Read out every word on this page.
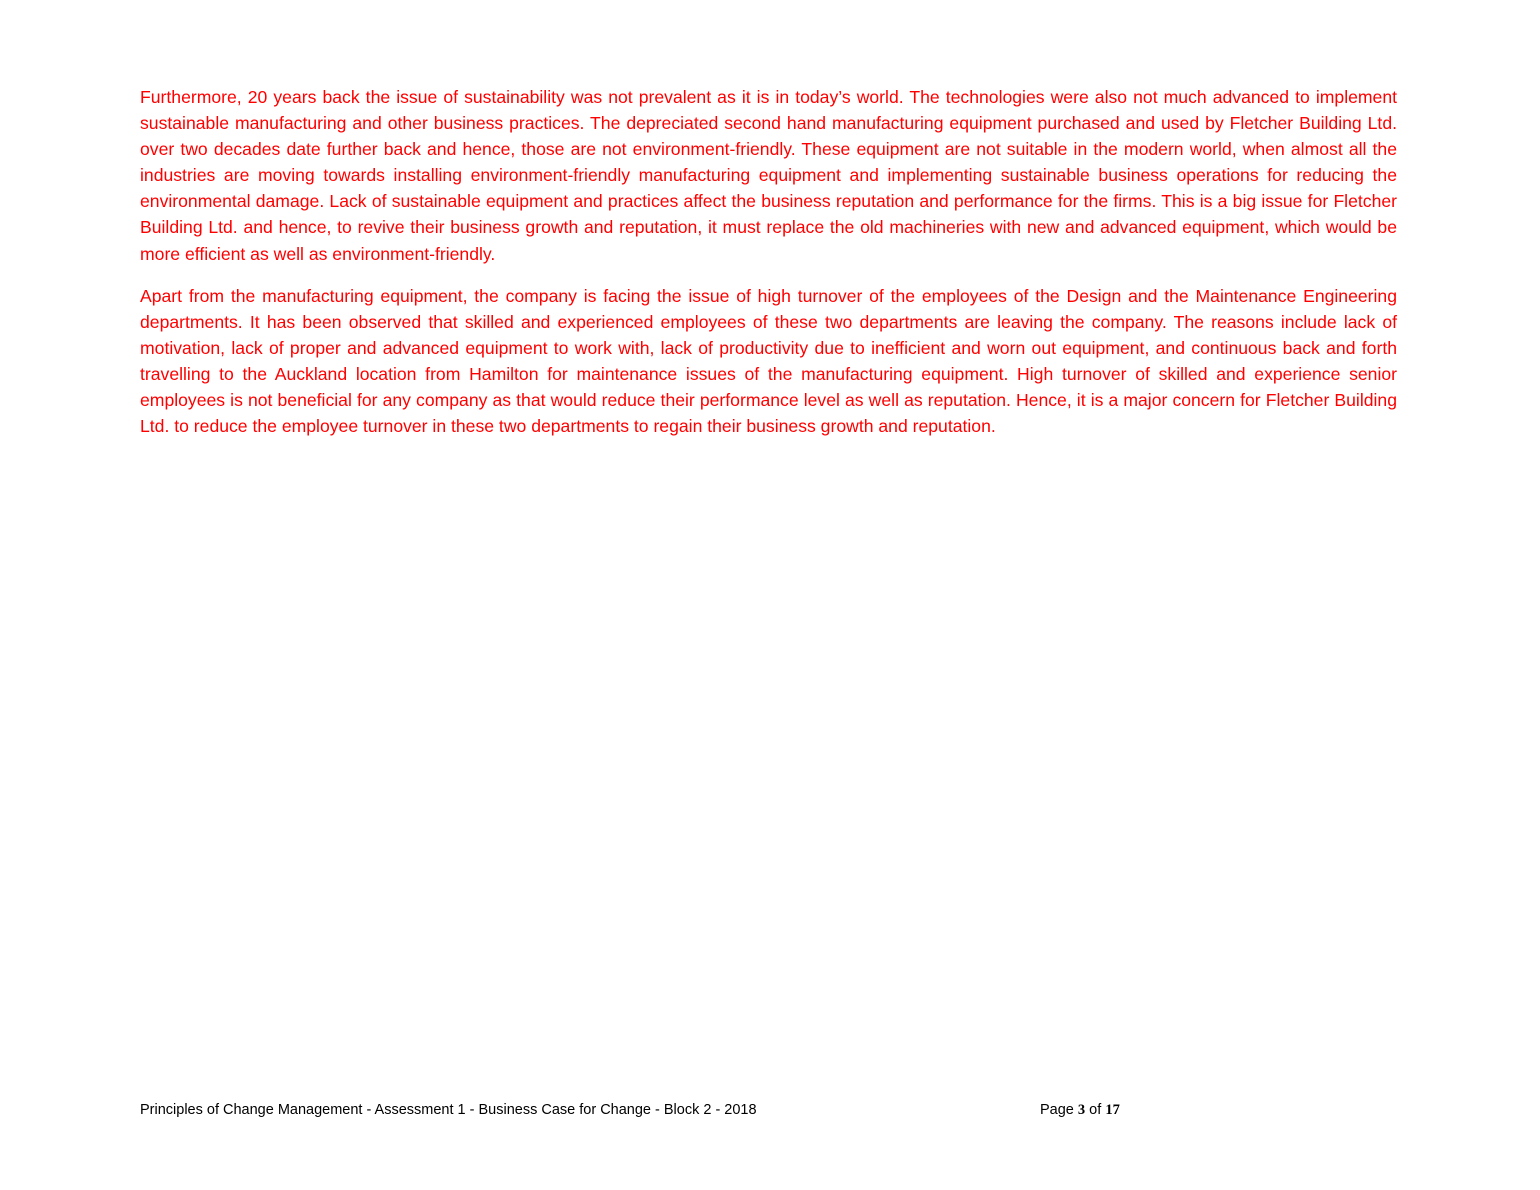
Furthermore, 20 years back the issue of sustainability was not prevalent as it is in today’s world. The technologies were also not much advanced to implement sustainable manufacturing and other business practices. The depreciated second hand manufacturing equipment purchased and used by Fletcher Building Ltd. over two decades date further back and hence, those are not environment-friendly. These equipment are not suitable in the modern world, when almost all the industries are moving towards installing environment-friendly manufacturing equipment and implementing sustainable business operations for reducing the environmental damage. Lack of sustainable equipment and practices affect the business reputation and performance for the firms. This is a big issue for Fletcher Building Ltd. and hence, to revive their business growth and reputation, it must replace the old machineries with new and advanced equipment, which would be more efficient as well as environment-friendly.

Apart from the manufacturing equipment, the company is facing the issue of high turnover of the employees of the Design and the Maintenance Engineering departments. It has been observed that skilled and experienced employees of these two departments are leaving the company. The reasons include lack of motivation, lack of proper and advanced equipment to work with, lack of productivity due to inefficient and worn out equipment, and continuous back and forth travelling to the Auckland location from Hamilton for maintenance issues of the manufacturing equipment. High turnover of skilled and experience senior employees is not beneficial for any company as that would reduce their performance level as well as reputation. Hence, it is a major concern for Fletcher Building Ltd. to reduce the employee turnover in these two departments to regain their business growth and reputation.

Principles of Change Management - Assessment 1 - Business Case for Change - Block 2 - 2018	Page 3 of 17
